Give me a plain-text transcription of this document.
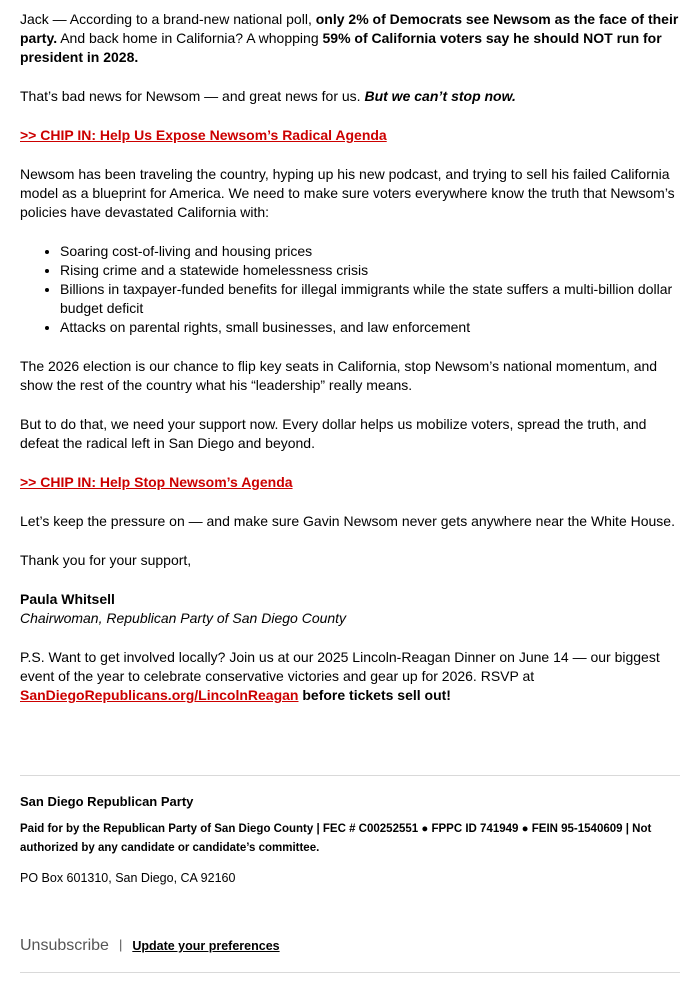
Jack — According to a brand-new national poll, only 2% of Democrats see Newsom as the face of their party. And back home in California? A whopping 59% of California voters say he should NOT run for president in 2028.

That’s bad news for Newsom — and great news for us. But we can’t stop now.

>> CHIP IN: Help Us Expose Newsom’s Radical Agenda

Newsom has been traveling the country, hyping up his new podcast, and trying to sell his failed California model as a blueprint for America. We need to make sure voters everywhere know the truth that Newsom’s policies have devastated California with:

• Soaring cost-of-living and housing prices
• Rising crime and a statewide homelessness crisis
• Billions in taxpayer-funded benefits for illegal immigrants while the state suffers a multi-billion dollar budget deficit
• Attacks on parental rights, small businesses, and law enforcement

The 2026 election is our chance to flip key seats in California, stop Newsom’s national momentum, and show the rest of the country what his “leadership” really means.

But to do that, we need your support now. Every dollar helps us mobilize voters, spread the truth, and defeat the radical left in San Diego and beyond.

>> CHIP IN: Help Stop Newsom’s Agenda

Let’s keep the pressure on — and make sure Gavin Newsom never gets anywhere near the White House.

Thank you for your support,

Paula Whitsell
Chairwoman, Republican Party of San Diego County

P.S. Want to get involved locally? Join us at our 2025 Lincoln-Reagan Dinner on June 14 — our biggest event of the year to celebrate conservative victories and gear up for 2026. RSVP at SanDiegoRepublicans.org/LincolnReagan before tickets sell out!

San Diego Republican Party
Paid for by the Republican Party of San Diego County | FEC # C00252551 ● FPPC ID 741949 ● FEIN 95-1540609 | Not authorized by any candidate or candidate’s committee.
PO Box 601310, San Diego, CA 92160
Unsubscribe | Update your preferences
